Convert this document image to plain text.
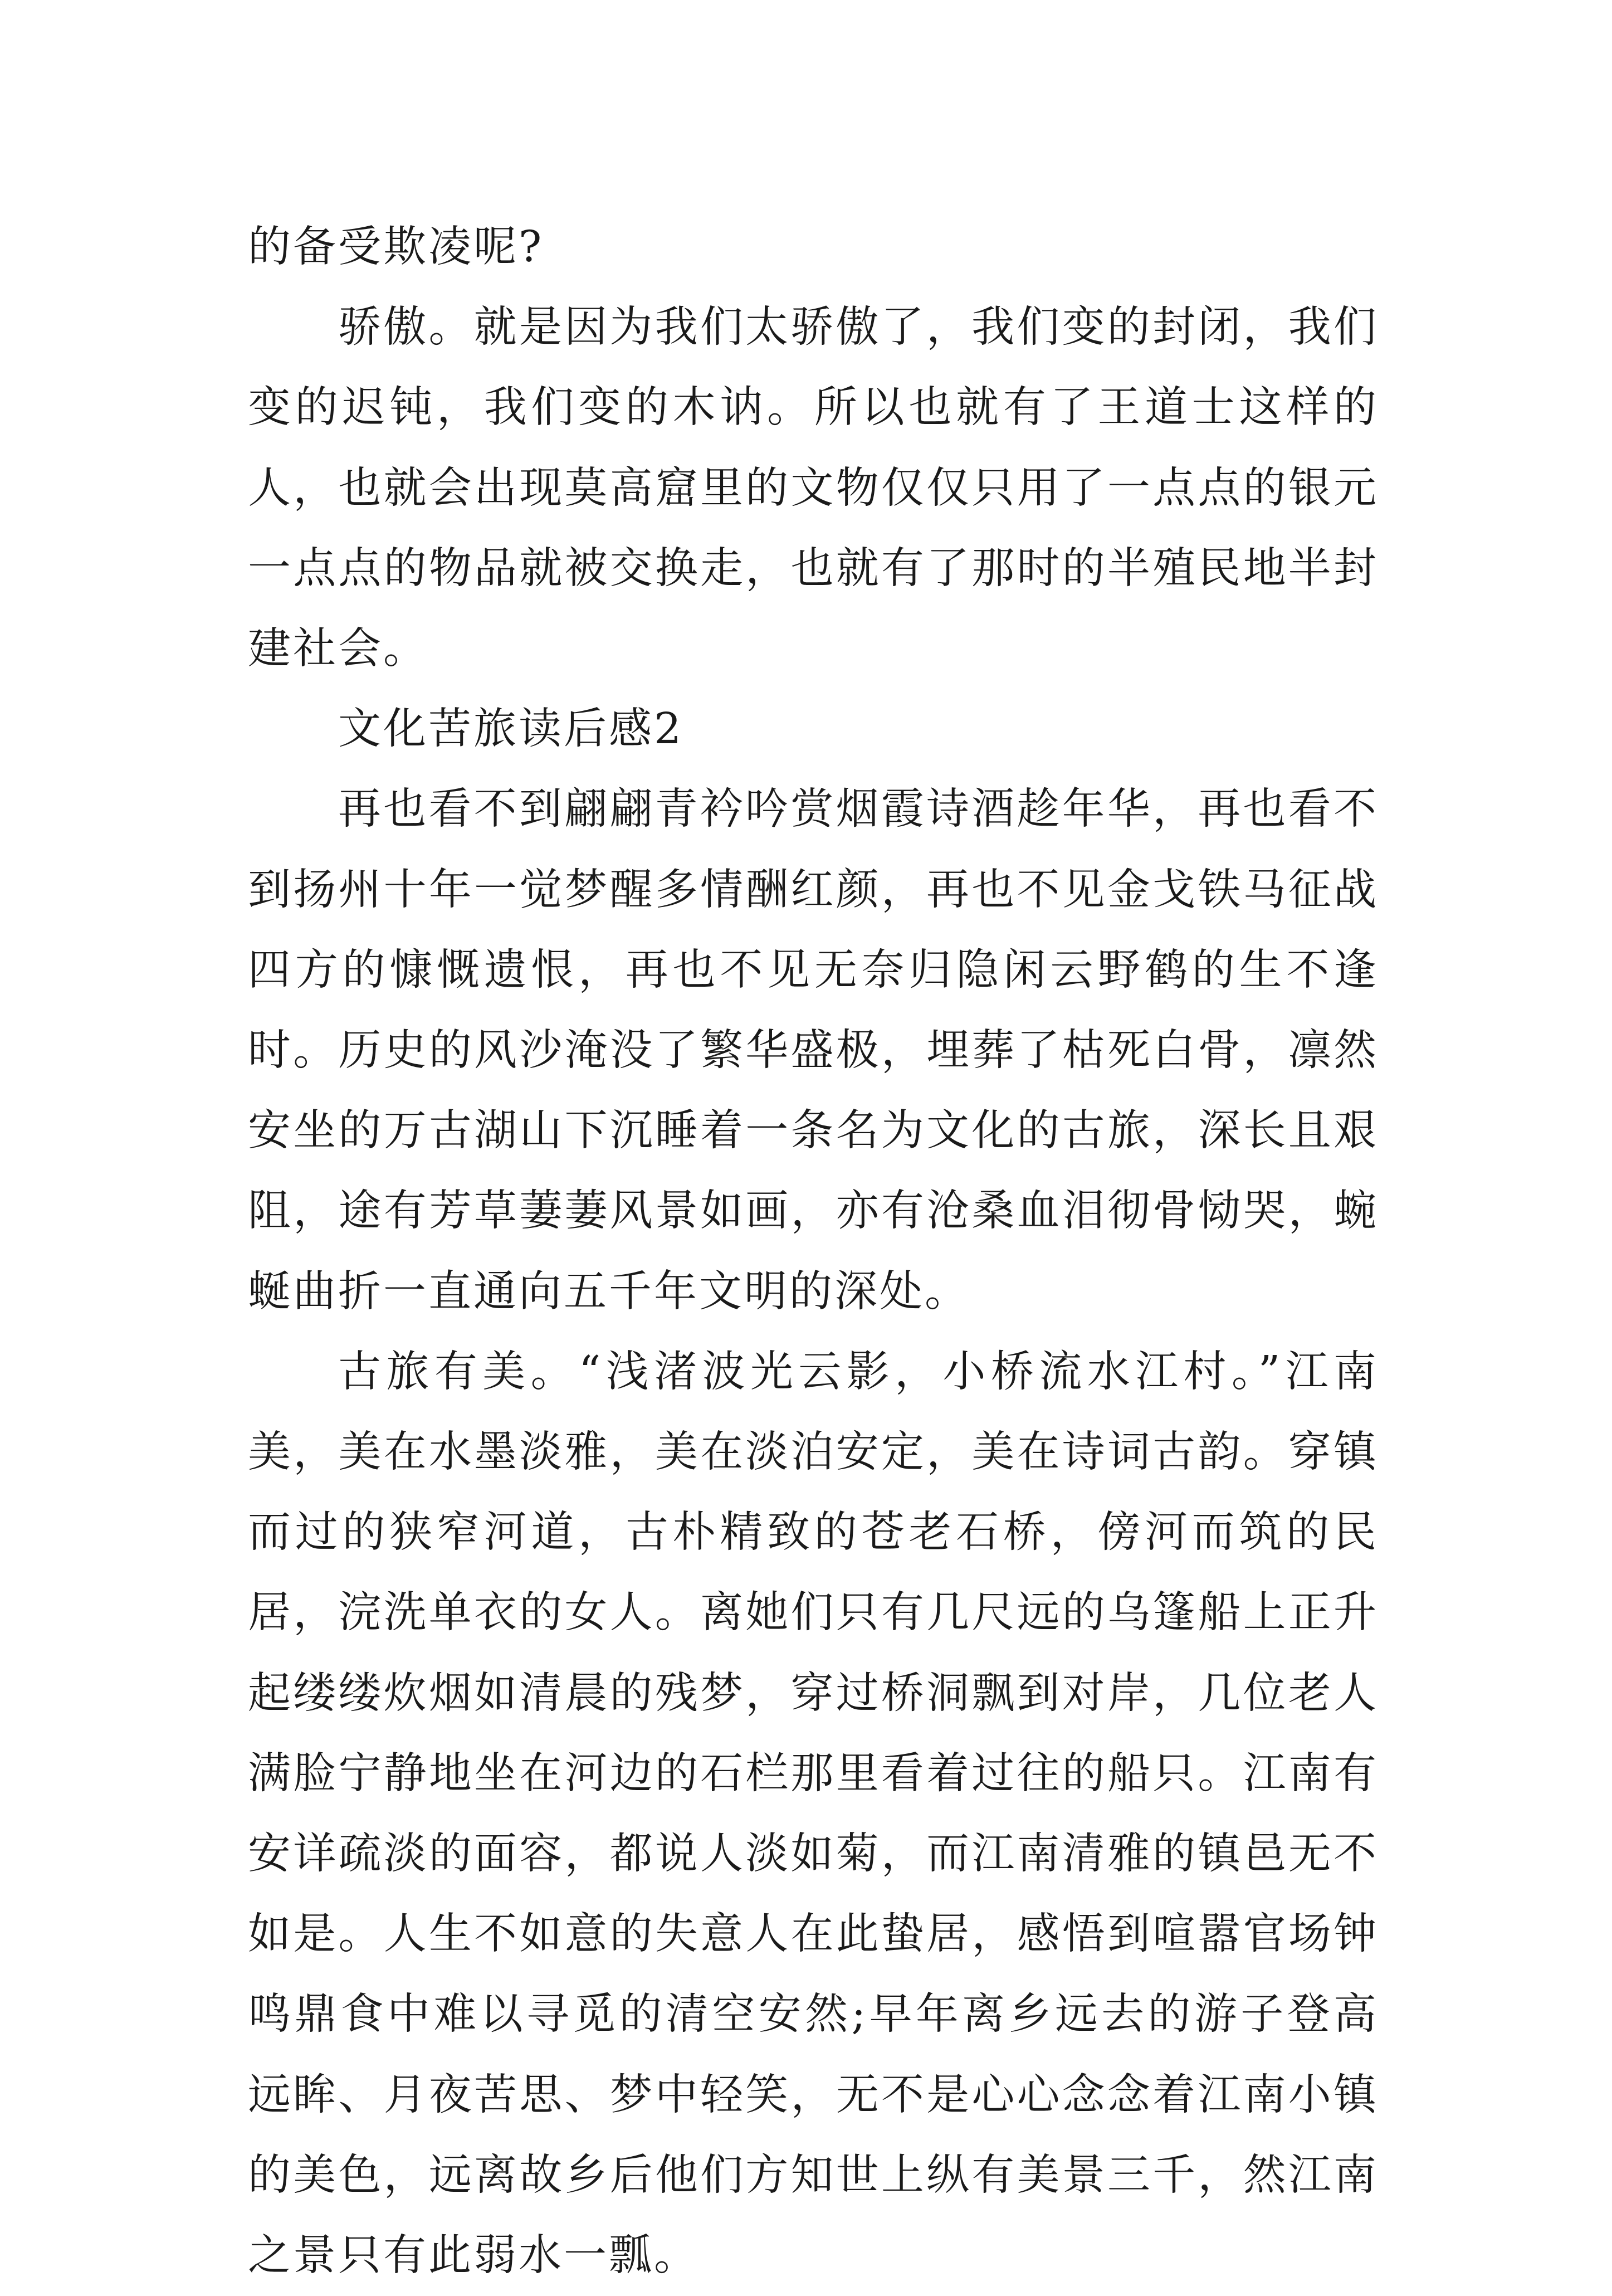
的备受欺凌呢?

骄傲。就是因为我们太骄傲了，我们变的封闭，我们变的迟钝，我们变的木讷。所以也就有了王道士这样的人，也就会出现莫高窟里的文物仅仅只用了一点点的银元一点点的物品就被交换走，也就有了那时的半殖民地半封建社会。

文化苦旅读后感2

再也看不到翩翩青衿吟赏烟霞诗酒趁年华，再也看不到扬州十年一觉梦醒多情酬红颜，再也不见金戈铁马征战四方的慷慨遗恨，再也不见无奈归隐闲云野鹤的生不逢时。历史的风沙淹没了繁华盛极，埋葬了枯死白骨，凛然安坐的万古湖山下沉睡着一条名为文化的古旅，深长且艰阻，途有芳草萋萋风景如画，亦有沧桑血泪彻骨恸哭，蜿蜒曲折一直通向五千年文明的深处。

古旅有美。“浅渚波光云影，小桥流水江村。”江南美，美在水墨淡雅，美在淡泊安定，美在诗词古韵。穿镇而过的狭窄河道，古朴精致的苍老石桥，傍河而筑的民居，浣洗单衣的女人。离她们只有几尺远的乌篷船上正升起缕缕炊烟如清晨的残梦，穿过桥洞飘到对岸，几位老人满脸宁静地坐在河边的石栏那里看着过往的船只。江南有安详疏淡的面容，都说人淡如菊，而江南清雅的镇邑无不如是。人生不如意的失意人在此蛰居，感悟到喧嚣官场钟鸣鼎食中难以寻觅的清空安然;早年离乡远去的游子登高远眸、月夜苦思、梦中轻笑，无不是心心念念着江南小镇的美色，远离故乡后他们方知世上纵有美景三千，然江南之景只有此弱水一瓢。
